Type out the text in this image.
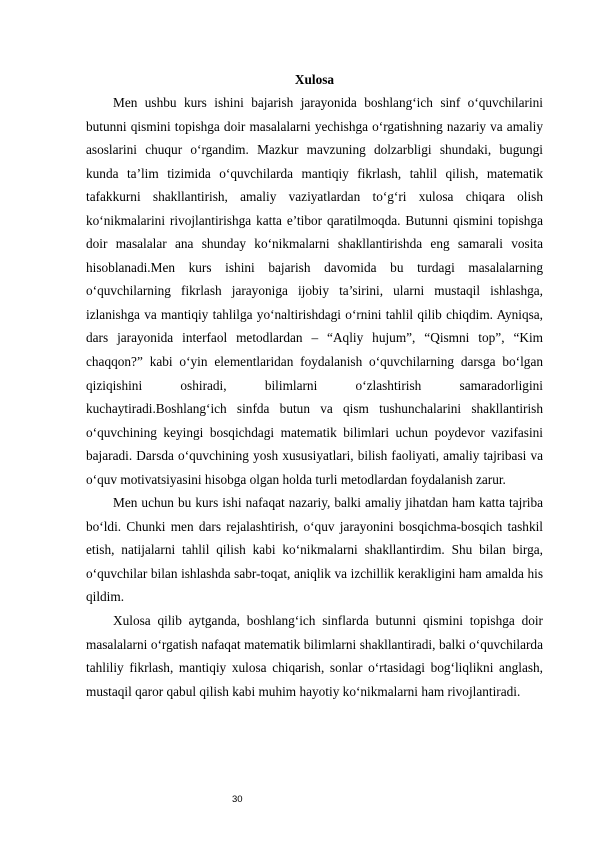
Xulosa

Men ushbu kurs ishini bajarish jarayonida boshlang‘ich sinf o‘quvchilarini butunni qismini topishga doir masalalarni yechishga o‘rgatishning nazariy va amaliy asoslarini chuqur o‘rgandim. Mazkur mavzuning dolzarbligi shundaki, bugungi kunda ta’lim tizimida o‘quvchilarda mantiqiy fikrlash, tahlil qilish, matematik tafakkurni shakllantirish, amaliy vaziyatlardan to‘g‘ri xulosa chiqara olish ko‘nikmalarini rivojlantirishga katta e’tibor qaratilmoqda. Butunni qismini topishga doir masalalar ana shunday ko‘nikmalarni shakllantirishda eng samarali vosita hisoblanadi.Men kurs ishini bajarish davomida bu turdagi masalalarning o‘quvchilarning fikrlash jarayoniga ijobiy ta’sirini, ularni mustaqil ishlashga, izlanishga va mantiqiy tahlilga yo‘naltirishdagi o‘rnini tahlil qilib chiqdim. Ayniqsa, dars jarayonida interfaol metodlardan – “Aqliy hujum”, “Qismni top”, “Kim chaqqon?” kabi o‘yin elementlaridan foydalanish o‘quvchilarning darsga bo‘lgan qiziqishini oshiradi, bilimlarni o‘zlashtirish samaradorligini kuchaytiradi.Boshlang‘ich sinfda butun va qism tushunchalarini shakllantirish o‘quvchining keyingi bosqichdagi matematik bilimlari uchun poydevor vazifasini bajaradi. Darsda o‘quvchining yosh xususiyatlari, bilish faoliyati, amaliy tajribasi va o‘quv motivatsiyasini hisobga olgan holda turli metodlardan foydalanish zarur.

Men uchun bu kurs ishi nafaqat nazariy, balki amaliy jihatdan ham katta tajriba bo‘ldi. Chunki men dars rejalashtirish, o‘quv jarayonini bosqichma-bosqich tashkil etish, natijalarni tahlil qilish kabi ko‘nikmalarni shakllantirdim. Shu bilan birga, o‘quvchilar bilan ishlashda sabr-toqat, aniqlik va izchillik kerakligini ham amalda his qildim.

Xulosa qilib aytganda, boshlang‘ich sinflarda butunni qismini topishga doir masalalarni o‘rgatish nafaqat matematik bilimlarni shakllantiradi, balki o‘quvchilarda tahliliy fikrlash, mantiqiy xulosa chiqarish, sonlar o‘rtasidagi bog‘liqlikni anglash, mustaqil qaror qabul qilish kabi muhim hayotiy ko‘nikmalarni ham rivojlantiradi.

30
